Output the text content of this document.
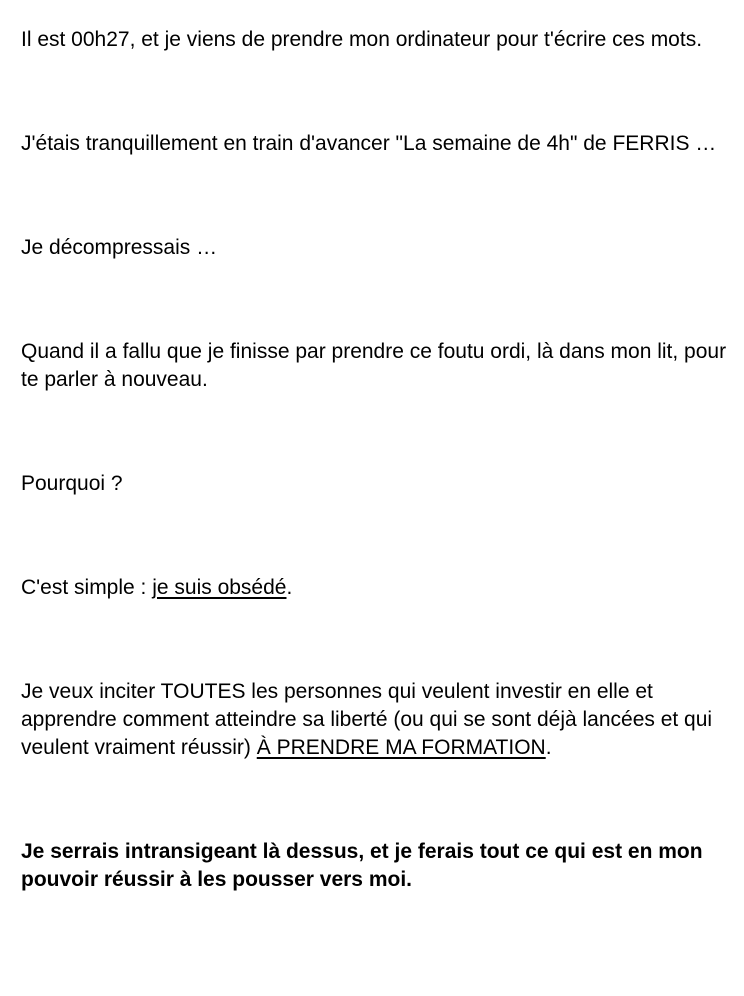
Il est 00h27, et je viens de prendre mon ordinateur pour t'écrire ces mots.

J'étais tranquillement en train d'avancer "La semaine de 4h" de FERRIS …

Je décompressais …

Quand il a fallu que je finisse par prendre ce foutu ordi, là dans mon lit, pour te parler à nouveau.

Pourquoi ?

C'est simple : je suis obsédé.

Je veux inciter TOUTES les personnes qui veulent investir en elle et apprendre comment atteindre sa liberté (ou qui se sont déjà lancées et qui veulent vraiment réussir) À PRENDRE MA FORMATION.

Je serrais intransigeant là dessus, et je ferais tout ce qui est en mon pouvoir réussir à les pousser vers moi.
